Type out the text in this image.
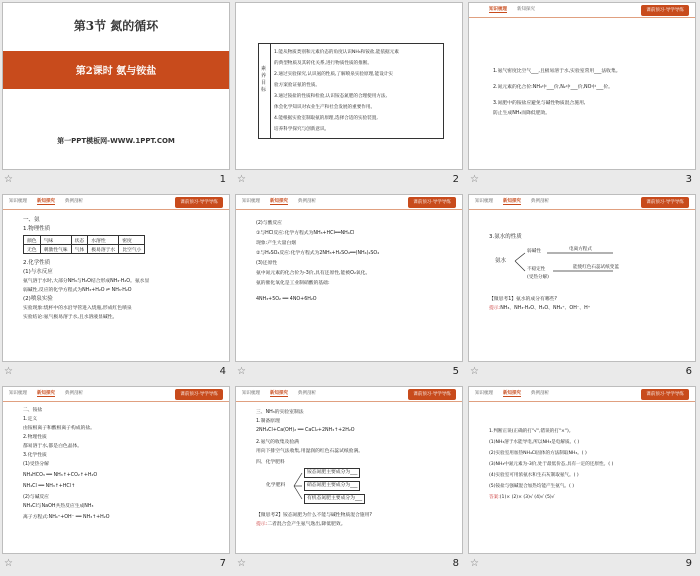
第3节 氮的循环
第2课时 氨与铵盐
第一PPT模板网-WWW.1PPT.COM
☆	1
素养目标
1.能从物质类别和元素价态的角度认识NH₃和铵盐,能依据元素
的典型物质及其转化关系,进行物质性质的推断。
2.通过实验探究,认识氨的性质,了解喷泉实验原理,能设计实
验方案验证氨的性质。
3.通过铵盐的性质和检验,认识铵态氮肥的合理使用方法,
体会化学知识对农业生产和社会发展的重要作用。
4.能根据实验室制取氨的原理,选择合适的实验装置,
培养科学探究与创新意识。
☆	2
知识梳理 新知探究	课前预习·导学导练
1.氨气密度比空气___,且极易溶于水,实验室常用___法收集。
2.氮元素的化合价:NH₃中___价,N₂中___价,NO中___价。
3.氮肥中的铵盐应避免与碱性物质混合施用,
防止生成NH₃而降低肥效。
☆	3
知识梳理 新知探究 典例剖析	课前预习·导学导练
一、氨
1.物理性质
颜色	气味	状态	水溶性	密度
无色	刺激性气味	气体	极易溶于水	比空气小
2.化学性质
(1)与水反应
氨气溶于水时,大部分NH₃与H₂O结合形成NH₃·H₂O。氨水显
弱碱性,反应的化学方程式为NH₃+H₂O ⇌ NH₃·H₂O
(2)喷泉实验
实验现象:烧杯中的水沿导管进入烧瓶,形成红色喷泉
实验结论:氨气极易溶于水,且水溶液显碱性。
☆	4
知识梳理 新知探究 典例剖析	课前预习·导学导练
(2)与酸反应
①与HCl反应:化学方程式为NH₃+HCl══NH₄Cl
现象:产生大量白烟
②与H₂SO₄反应:化学方程式为2NH₃+H₂SO₄══(NH₄)₂SO₄
(3)还原性
氨中氮元素的化合价为-3价,具有还原性,能被O₂氧化。
氨的催化氧化是工业制硝酸的基础:
4NH₃+5O₂ ══ 4NO+6H₂O
☆	5
知识梳理 新知探究 典例剖析	课前预习·导学导练
3.氨水的性质
氨水
弱碱性
不稳定性
(受热分解)
电离方程式
能使红色石蕊试纸变蓝
【微思考1】氨水的成分有哪些?
提示:NH₃、NH₃·H₂O、H₂O、NH₄⁺、OH⁻、H⁺
☆	6
知识梳理 新知探究 典例剖析	课前预习·导学导练
二、铵盐
1.定义
由铵根离子和酸根离子构成的盐。
2.物理性质
都易溶于水,都是白色晶体。
3.化学性质
(1)受热分解
NH₄HCO₃ ══ NH₃↑+CO₂↑+H₂O
NH₄Cl ══ NH₃↑+HCl↑
(2)与碱反应
NH₄Cl与NaOH共热反应生成NH₃
离子方程式:NH₄⁺+OH⁻ ══ NH₃↑+H₂O
☆	7
知识梳理 新知探究 典例剖析	课前预习·导学导练
三、NH₃的实验室制法
1.制备原理
2NH₄Cl+Ca(OH)₂ ══ CaCl₂+2NH₃↑+2H₂O
2.氨气的收集及验满
用向下排空气法收集,用湿润的红色石蕊试纸验满。
四、化学肥料
化学肥料
铵态氮肥主要成分为___
硝态氮肥主要成分为___
有机态氮肥主要成分为___
【微思考2】铵态氮肥为什么不能与碱性物质混合施用?
提示:二者混合会产生氨气逸出,降低肥效。
☆	8
知识梳理 新知探究 典例剖析	课前预习·导学导练
1.判断正误(正确的打"√",错误的打"×")。
(1)NH₃溶于水能导电,所以NH₃是电解质。( )
(2)实验室用加热NH₄Cl固体的方法制取NH₃。( )
(3)NH₃中氮元素为-3价,处于最低价态,具有一定的还原性。( )
(4)实验室可用浓氨水和生石灰制取氨气。( )
(5)铵盐与强碱混合加热均能产生氨气。( )
答案:(1)× (2)× (3)√ (4)√ (5)√
☆	9
